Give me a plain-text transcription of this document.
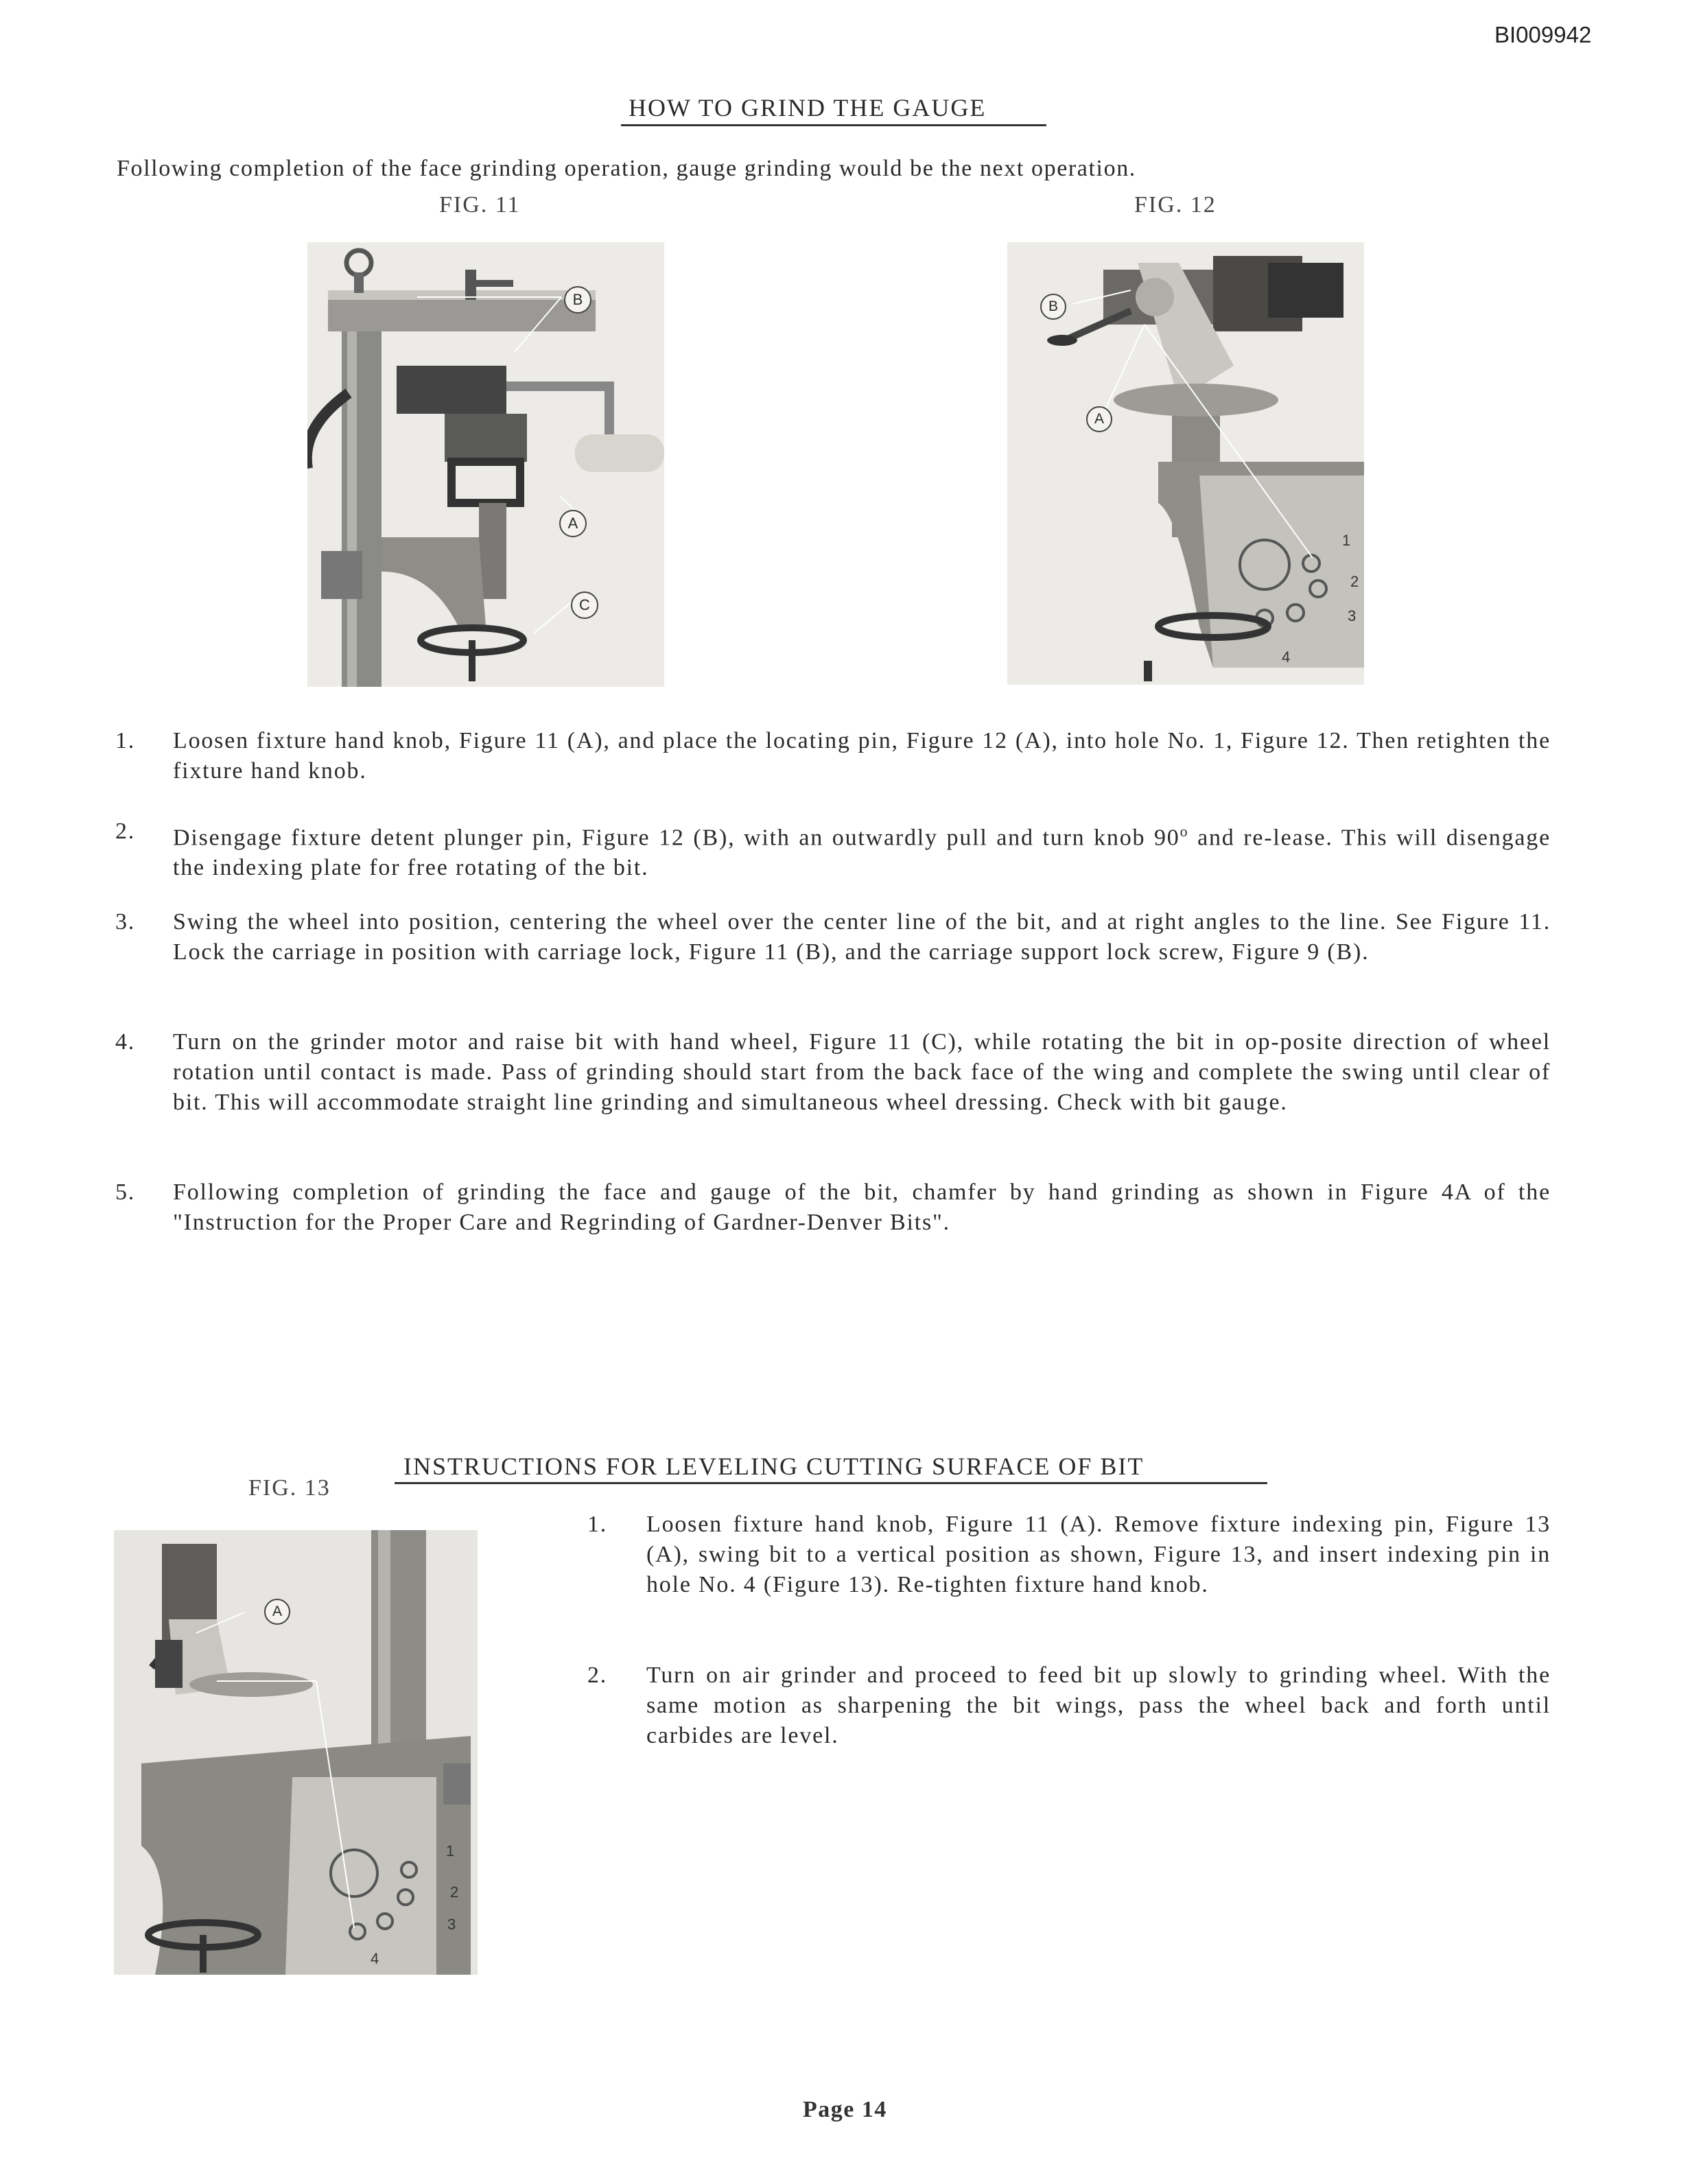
BI009942
HOW TO GRIND THE GAUGE
Following completion of the face grinding operation, gauge grinding would be the next operation.
FIG. 11	FIG. 12
B
A
C
B
A
1
2
3
4
1. Loosen fixture hand knob, Figure 11 (A), and place the locating pin, Figure 12 (A), into hole No. 1, Figure 12. Then retighten the fixture hand knob.
2. Disengage fixture detent plunger pin, Figure 12 (B), with an outwardly pull and turn knob 90$^o$ and re-lease. This will disengage the indexing plate for free rotating of the bit.
3. Swing the wheel into position, centering the wheel over the center line of the bit, and at right angles to the line. See Figure 11. Lock the carriage in position with carriage lock, Figure 11 (B), and the carriage support lock screw, Figure 9 (B).
4. Turn on the grinder motor and raise bit with hand wheel, Figure 11 (C), while rotating the bit in op-posite direction of wheel rotation until contact is made. Pass of grinding should start from the back face of the wing and complete the swing until clear of bit. This will accommodate straight line grinding and simultaneous wheel dressing. Check with bit gauge.
5. Following completion of grinding the face and gauge of the bit, chamfer by hand grinding as shown in Figure 4A of the "Instruction for the Proper Care and Regrinding of Gardner-Denver Bits".
INSTRUCTIONS FOR LEVELING CUTTING SURFACE OF BIT
FIG. 13
A
1
2
3
4
1. Loosen fixture hand knob, Figure 11 (A). Remove fixture indexing pin, Figure 13 (A), swing bit to a vertical position as shown, Figure 13, and insert indexing pin in hole No. 4 (Figure 13). Re-tighten fixture hand knob.
2. Turn on air grinder and proceed to feed bit up slowly to grinding wheel. With the same motion as sharpening the bit wings, pass the wheel back and forth until carbides are level.
Page 14
